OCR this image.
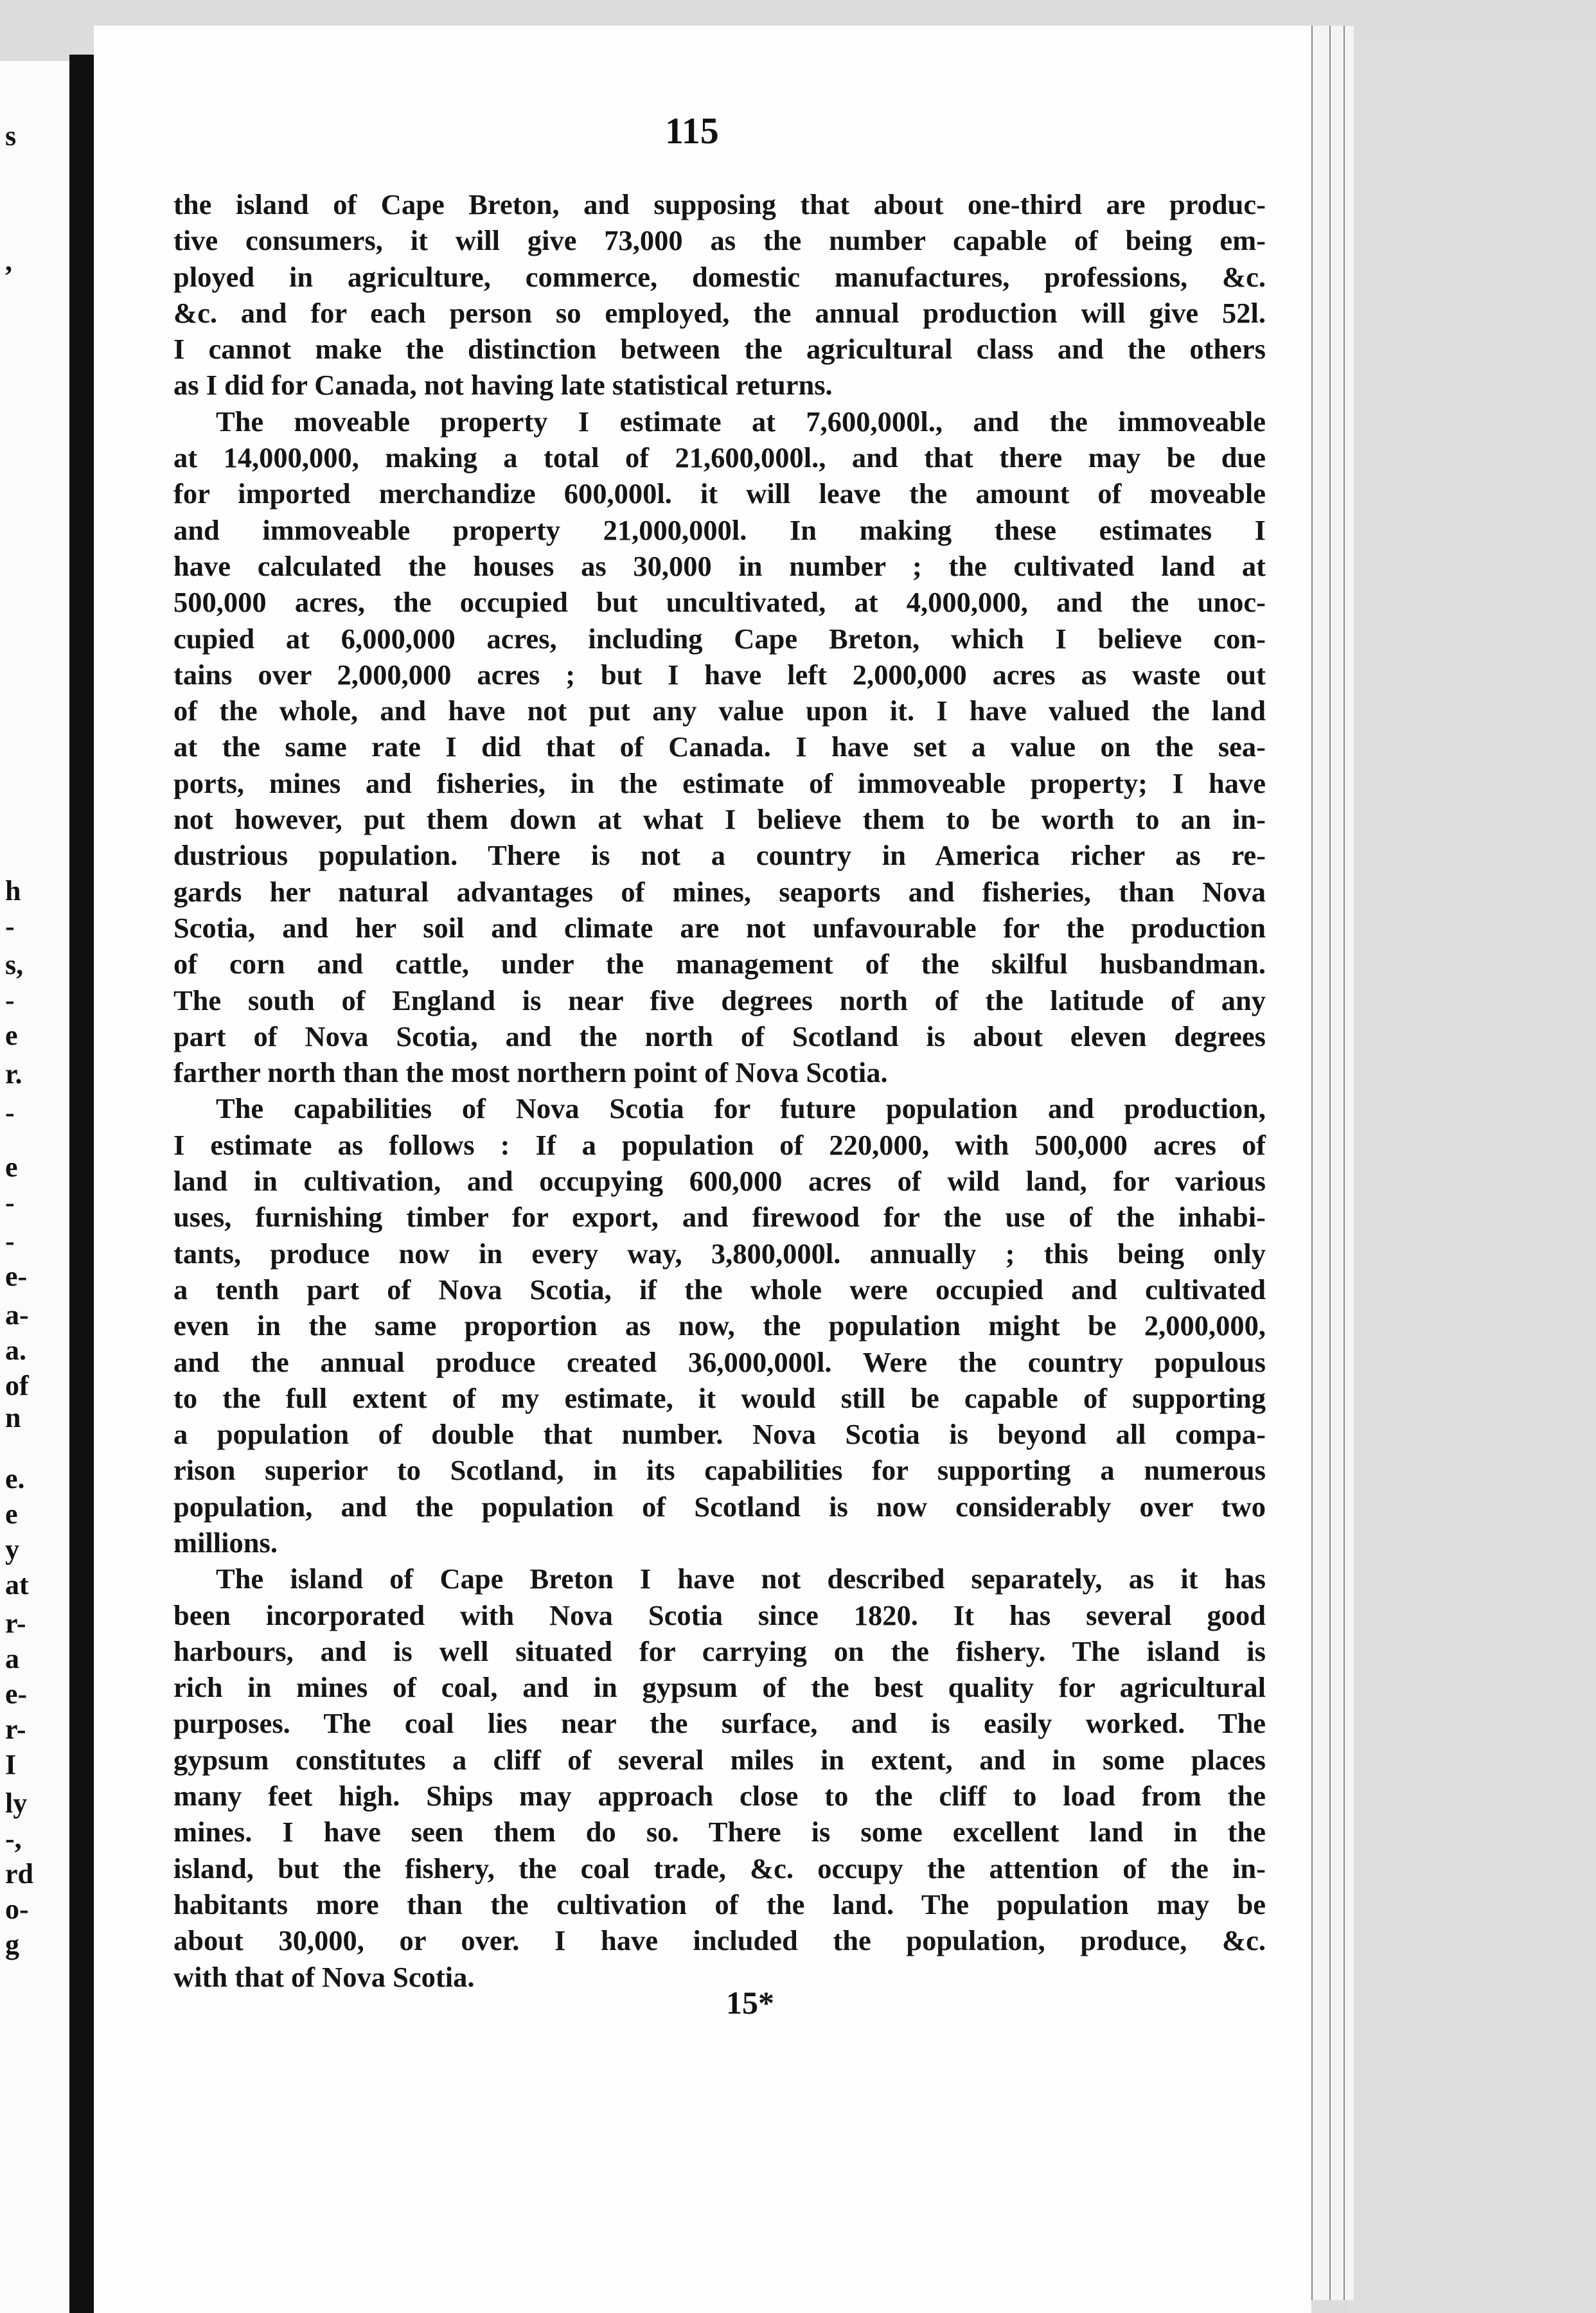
115
the island of Cape Breton, and supposing that about one-third are produc-
tive consumers, it will give 73,000 as the number capable of being em-
ployed in agriculture, commerce, domestic manufactures, professions, &c.
&c. and for each person so employed, the annual production will give 52l.
I cannot make the distinction between the agricultural class and the others
as I did for Canada, not having late statistical returns.
The moveable property I estimate at 7,600,000l., and the immoveable
at 14,000,000, making a total of 21,600,000l., and that there may be due
for imported merchandize 600,000l. it will leave the amount of moveable
and immoveable property 21,000,000l. In making these estimates I
have calculated the houses as 30,000 in number ; the cultivated land at
500,000 acres, the occupied but uncultivated, at 4,000,000, and the unoc-
cupied at 6,000,000 acres, including Cape Breton, which I believe con-
tains over 2,000,000 acres ; but I have left 2,000,000 acres as waste out
of the whole, and have not put any value upon it. I have valued the land
at the same rate I did that of Canada. I have set a value on the sea-
ports, mines and fisheries, in the estimate of immoveable property; I have
not however, put them down at what I believe them to be worth to an in-
dustrious population. There is not a country in America richer as re-
gards her natural advantages of mines, seaports and fisheries, than Nova
Scotia, and her soil and climate are not unfavourable for the production
of corn and cattle, under the management of the skilful husbandman.
The south of England is near five degrees north of the latitude of any
part of Nova Scotia, and the north of Scotland is about eleven degrees
farther north than the most northern point of Nova Scotia.
The capabilities of Nova Scotia for future population and production,
I estimate as follows : If a population of 220,000, with 500,000 acres of
land in cultivation, and occupying 600,000 acres of wild land, for various
uses, furnishing timber for export, and firewood for the use of the inhabi-
tants, produce now in every way, 3,800,000l. annually ; this being only
a tenth part of Nova Scotia, if the whole were occupied and cultivated
even in the same proportion as now, the population might be 2,000,000,
and the annual produce created 36,000,000l. Were the country populous
to the full extent of my estimate, it would still be capable of supporting
a population of double that number. Nova Scotia is beyond all compa-
rison superior to Scotland, in its capabilities for supporting a numerous
population, and the population of Scotland is now considerably over two
millions.
The island of Cape Breton I have not described separately, as it has
been incorporated with Nova Scotia since 1820. It has several good
harbours, and is well situated for carrying on the fishery. The island is
rich in mines of coal, and in gypsum of the best quality for agricultural
purposes. The coal lies near the surface, and is easily worked. The
gypsum constitutes a cliff of several miles in extent, and in some places
many feet high. Ships may approach close to the cliff to load from the
mines. I have seen them do so. There is some excellent land in the
island, but the fishery, the coal trade, &c. occupy the attention of the in-
habitants more than the cultivation of the land. The population may be
about 30,000, or over. I have included the population, produce, &c.
with that of Nova Scotia.
15*
s
,
h
-
s,
-
e
r.
-
e
-
-
e-
a-
a.
of
n
e.
e
y
at
r-
a
e-
r-
I
ly
-,
rd
o-
g
